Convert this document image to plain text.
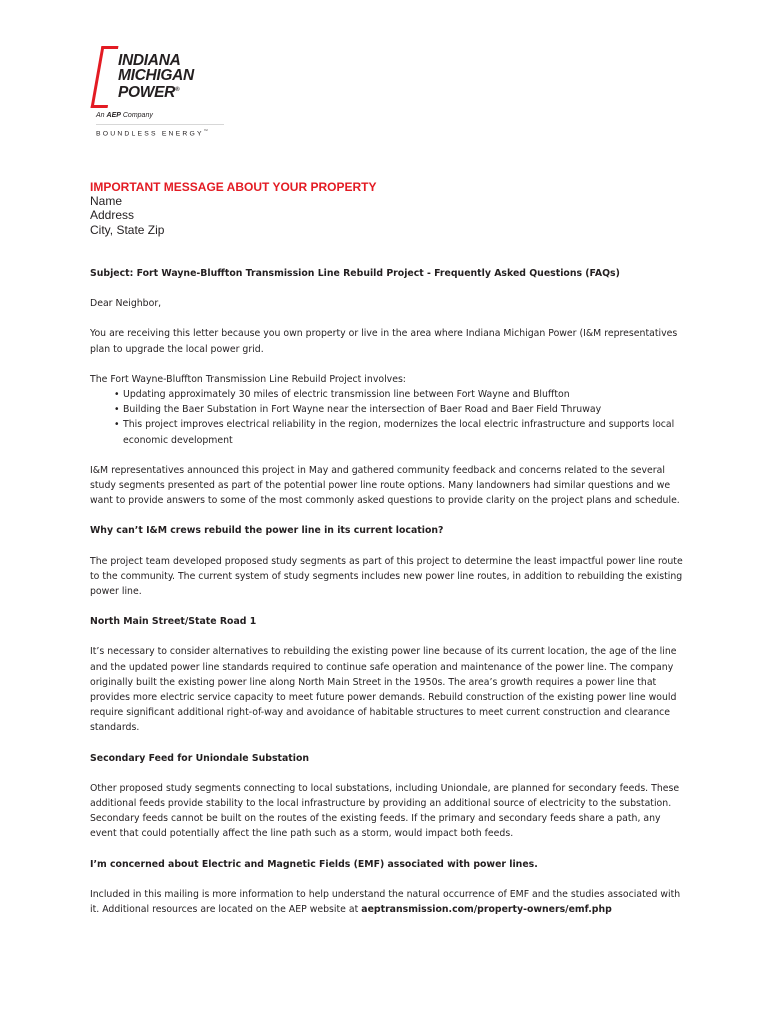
INDIANA
MICHIGAN
POWER®
An AEP Company
BOUNDLESS ENERGY™
IMPORTANT MESSAGE ABOUT YOUR PROPERTY
Name
Address
City, State Zip

Subject: Fort Wayne-Bluffton Transmission Line Rebuild Project - Frequently Asked Questions (FAQs)

Dear Neighbor,

You are receiving this letter because you own property or live in the area where Indiana Michigan Power (I&M representatives plan to upgrade the local power grid.

The Fort Wayne-Bluffton Transmission Line Rebuild Project involves:

• Updating approximately 30 miles of electric transmission line between Fort Wayne and Bluffton
• Building the Baer Substation in Fort Wayne near the intersection of Baer Road and Baer Field Thruway
• This project improves electrical reliability in the region, modernizes the local electric infrastructure and supports local economic development

I&M representatives announced this project in May and gathered community feedback and concerns related to the several study segments presented as part of the potential power line route options. Many landowners had similar questions and we want to provide answers to some of the most commonly asked questions to provide clarity on the project plans and schedule.

Why can’t I&M crews rebuild the power line in its current location?

The project team developed proposed study segments as part of this project to determine the least impactful power line route to the community. The current system of study segments includes new power line routes, in addition to rebuilding the existing power line.

North Main Street/State Road 1

It’s necessary to consider alternatives to rebuilding the existing power line because of its current location, the age of the line and the updated power line standards required to continue safe operation and maintenance of the power line. The company originally built the existing power line along North Main Street in the 1950s. The area’s growth requires a power line that provides more electric service capacity to meet future power demands. Rebuild construction of the existing power line would require significant additional right-of-way and avoidance of habitable structures to meet current construction and clearance standards.

Secondary Feed for Uniondale Substation

Other proposed study segments connecting to local substations, including Uniondale, are planned for secondary feeds. These additional feeds provide stability to the local infrastructure by providing an additional source of electricity to the substation. Secondary feeds cannot be built on the routes of the existing feeds. If the primary and secondary feeds share a path, any event that could potentially affect the line path such as a storm, would impact both feeds.

I’m concerned about Electric and Magnetic Fields (EMF) associated with power lines.

Included in this mailing is more information to help understand the natural occurrence of EMF and the studies associated with it. Additional resources are located on the AEP website at aeptransmission.com/property-owners/emf.php
